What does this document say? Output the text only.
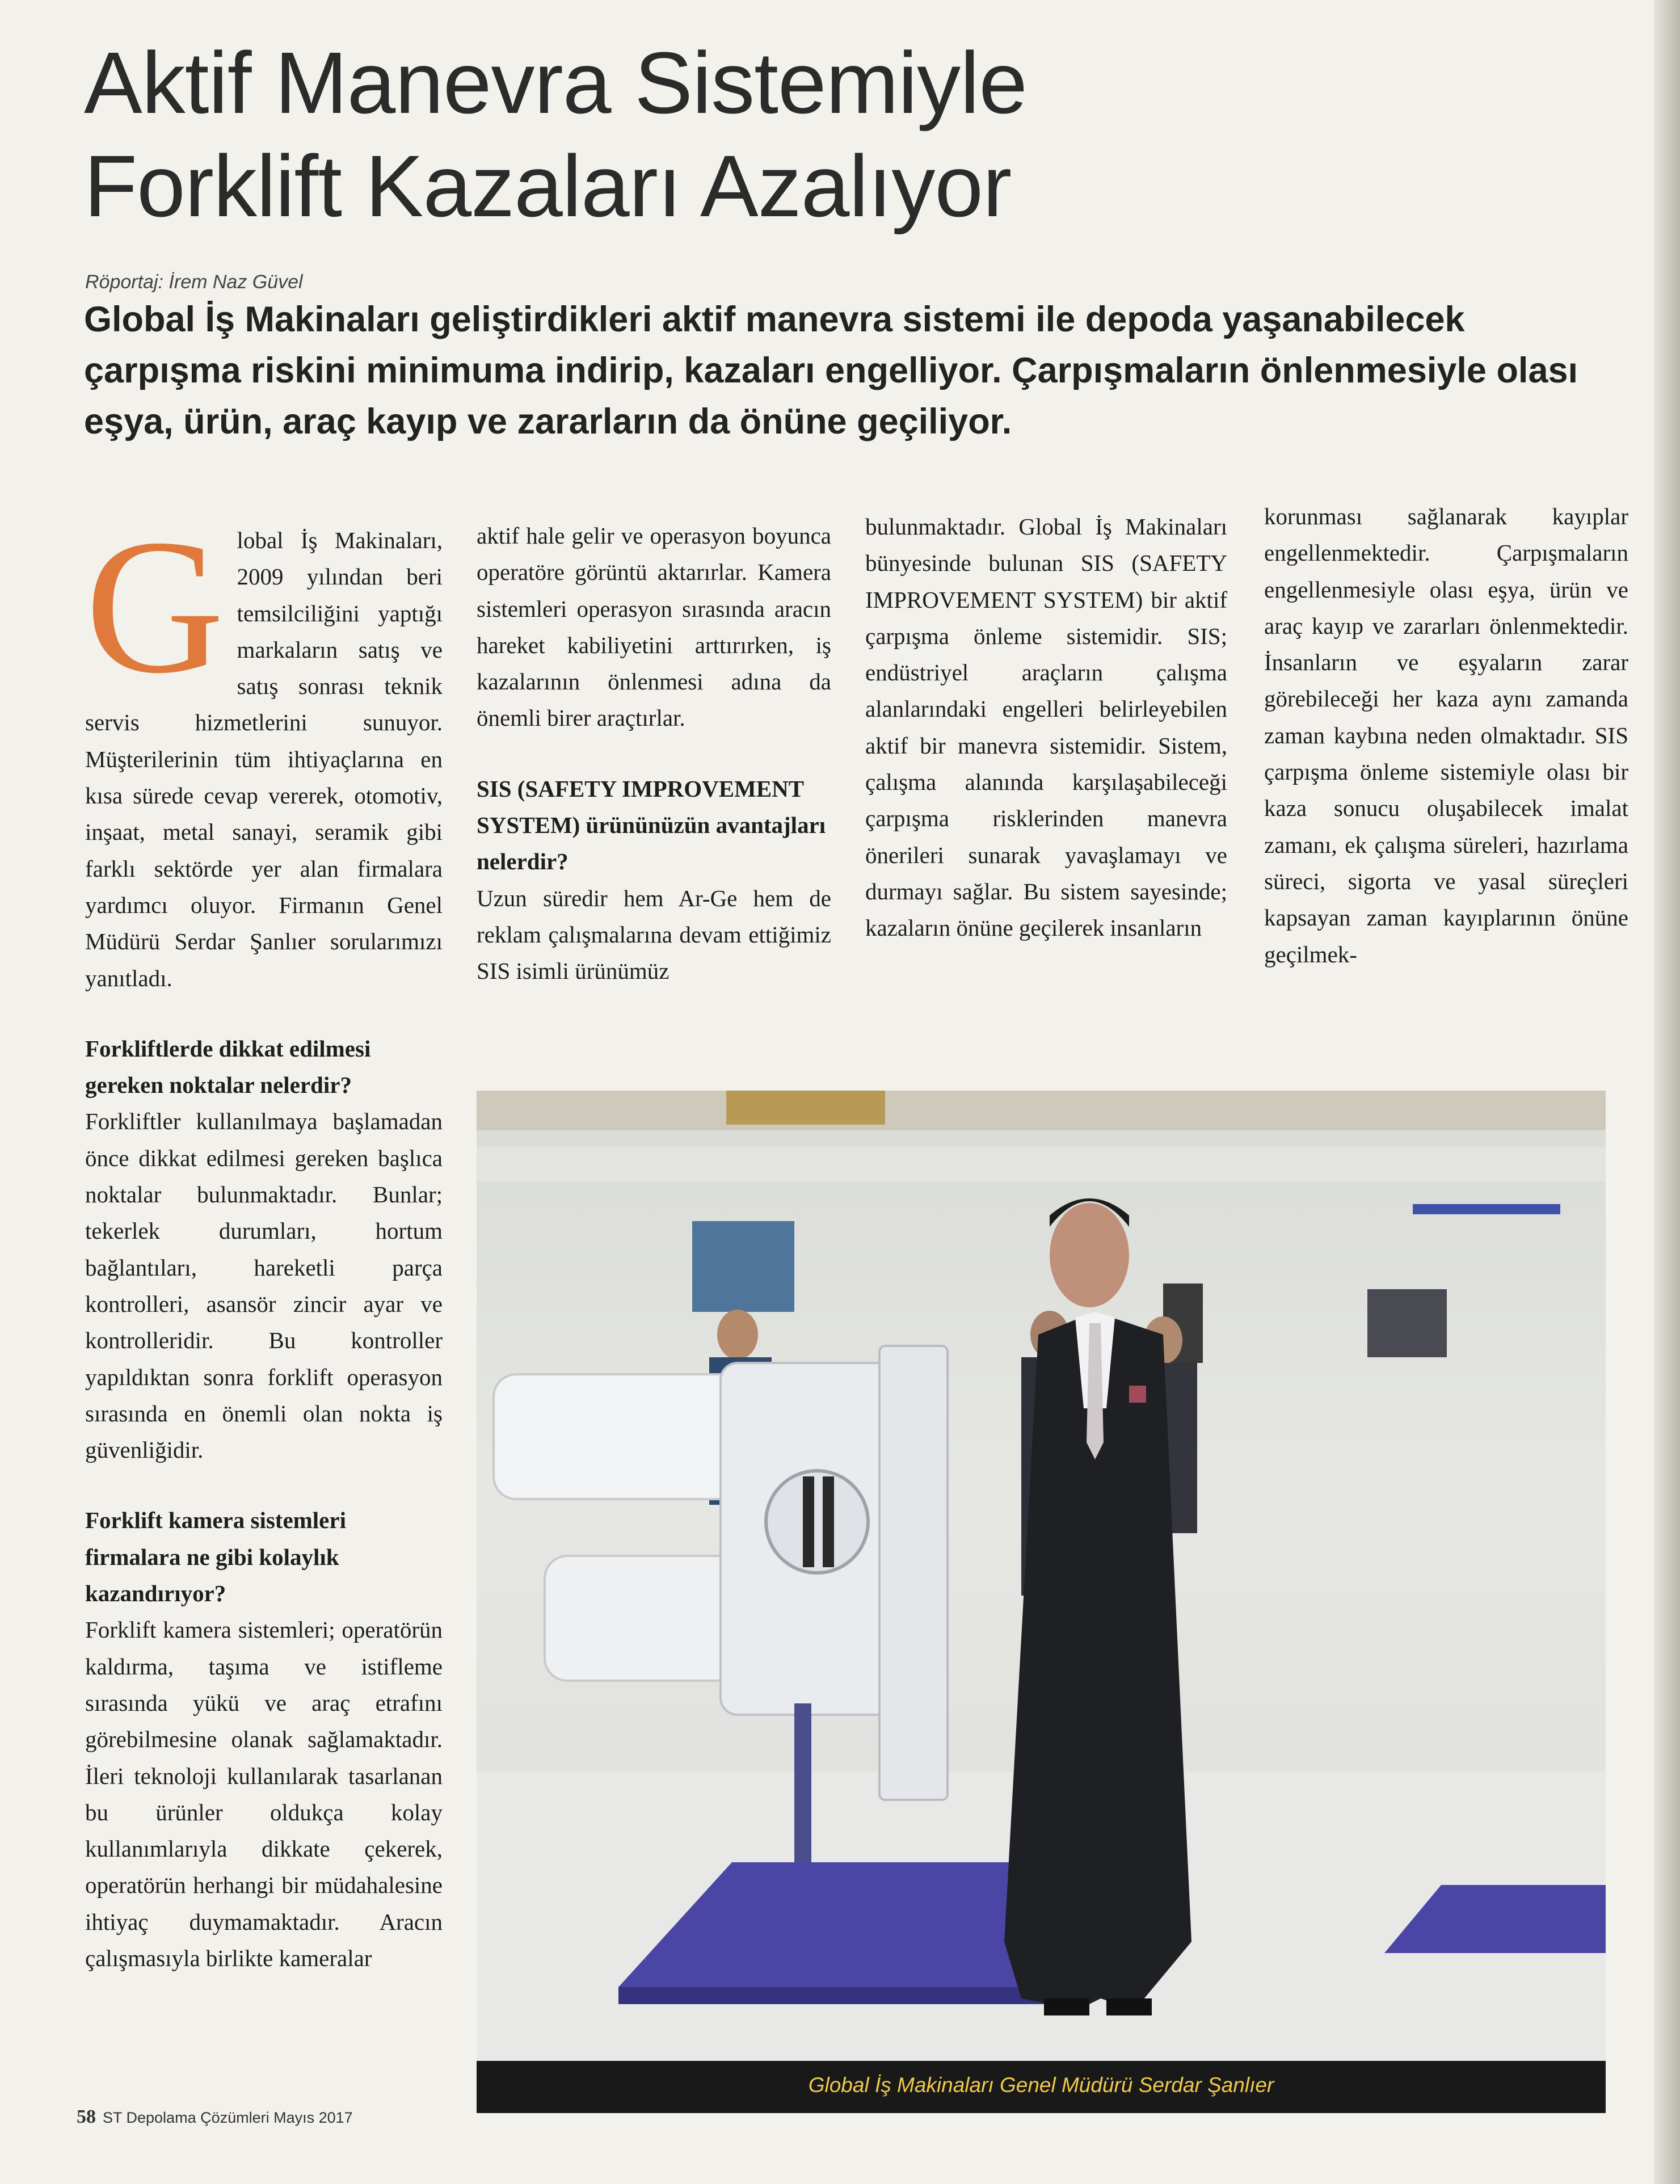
Aktif Manevra Sistemiyle
Forklift Kazaları Azalıyor
Röportaj: İrem Naz Güvel
Global İş Makinaları geliştirdikleri aktif manevra sistemi ile depoda yaşanabilecek çarpışma riskini minimuma indirip, kazaları engelliyor. Çarpışmaların önlenmesiyle olası eşya, ürün, araç kayıp ve zararların da önüne geçiliyor.

Global İş Makinaları, 2009 yılından beri temsilciliğini yaptığı markaların satış ve satış sonrası teknik servis hizmetlerini sunuyor. Müşterilerinin tüm ihtiyaçlarına en kısa sürede cevap vererek, otomotiv, inşaat, metal sanayi, seramik gibi farklı sektörde yer alan firmalara yardımcı oluyor. Firmanın Genel Müdürü Serdar Şanlıer sorularımızı yanıtladı.

Forkliftlerde dikkat edilmesi gereken noktalar nelerdir?

Forkliftler kullanılmaya başlamadan önce dikkat edilmesi gereken başlıca noktalar bulunmaktadır. Bunlar; tekerlek durumları, hortum bağlantıları, hareketli parça kontrolleri, asansör zincir ayar ve kontrolleridir. Bu kontroller yapıldıktan sonra forklift operasyon sırasında en önemli olan nokta iş güvenliğidir.

Forklift kamera sistemleri firmalara ne gibi kolaylık kazandırıyor?

Forklift kamera sistemleri; operatörün kaldırma, taşıma ve istifleme sırasında yükü ve araç etrafını görebilmesine olanak sağlamaktadır. İleri teknoloji kullanılarak tasarlanan bu ürünler oldukça kolay kullanımlarıyla dikkate çekerek, operatörün herhangi bir müdahalesine ihtiyaç duymamaktadır. Aracın çalışmasıyla birlikte kameralar

aktif hale gelir ve operasyon boyunca operatöre görüntü aktarırlar. Kamera sistemleri operasyon sırasında aracın hareket kabiliyetini arttırırken, iş kazalarının önlenmesi adına da önemli birer araçtırlar.

SIS (SAFETY IMPROVEMENT SYSTEM) ürününüzün avantajları nelerdir?

Uzun süredir hem Ar-Ge hem de reklam çalışmalarına devam ettiğimiz SIS isimli ürünümüz

bulunmaktadır. Global İş Makinaları bünyesinde bulunan SIS (SAFETY IMPROVEMENT SYSTEM) bir aktif çarpışma önleme sistemidir. SIS; endüstriyel araçların çalışma alanlarındaki engelleri belirleyebilen aktif bir manevra sistemidir. Sistem, çalışma alanında karşılaşabileceği çarpışma risklerinden manevra önerileri sunarak yavaşlamayı ve durmayı sağlar. Bu sistem sayesinde; kazaların önüne geçilerek insanların

korunması sağlanarak kayıplar engellenmektedir. Çarpışmaların engellenmesiyle olası eşya, ürün ve araç kayıp ve zararları önlenmektedir. İnsanların ve eşyaların zarar görebileceği her kaza aynı zamanda zaman kaybına neden olmaktadır. SIS çarpışma önleme sistemiyle olası bir kaza sonucu oluşabilecek imalat zamanı, ek çalışma süreleri, hazırlama süreci, sigorta ve yasal süreçleri kapsayan zaman kayıplarının önüne geçilmek-

Global İş Makinaları Genel Müdürü Serdar Şanlıer
58 ST Depolama Çözümleri Mayıs 2017
